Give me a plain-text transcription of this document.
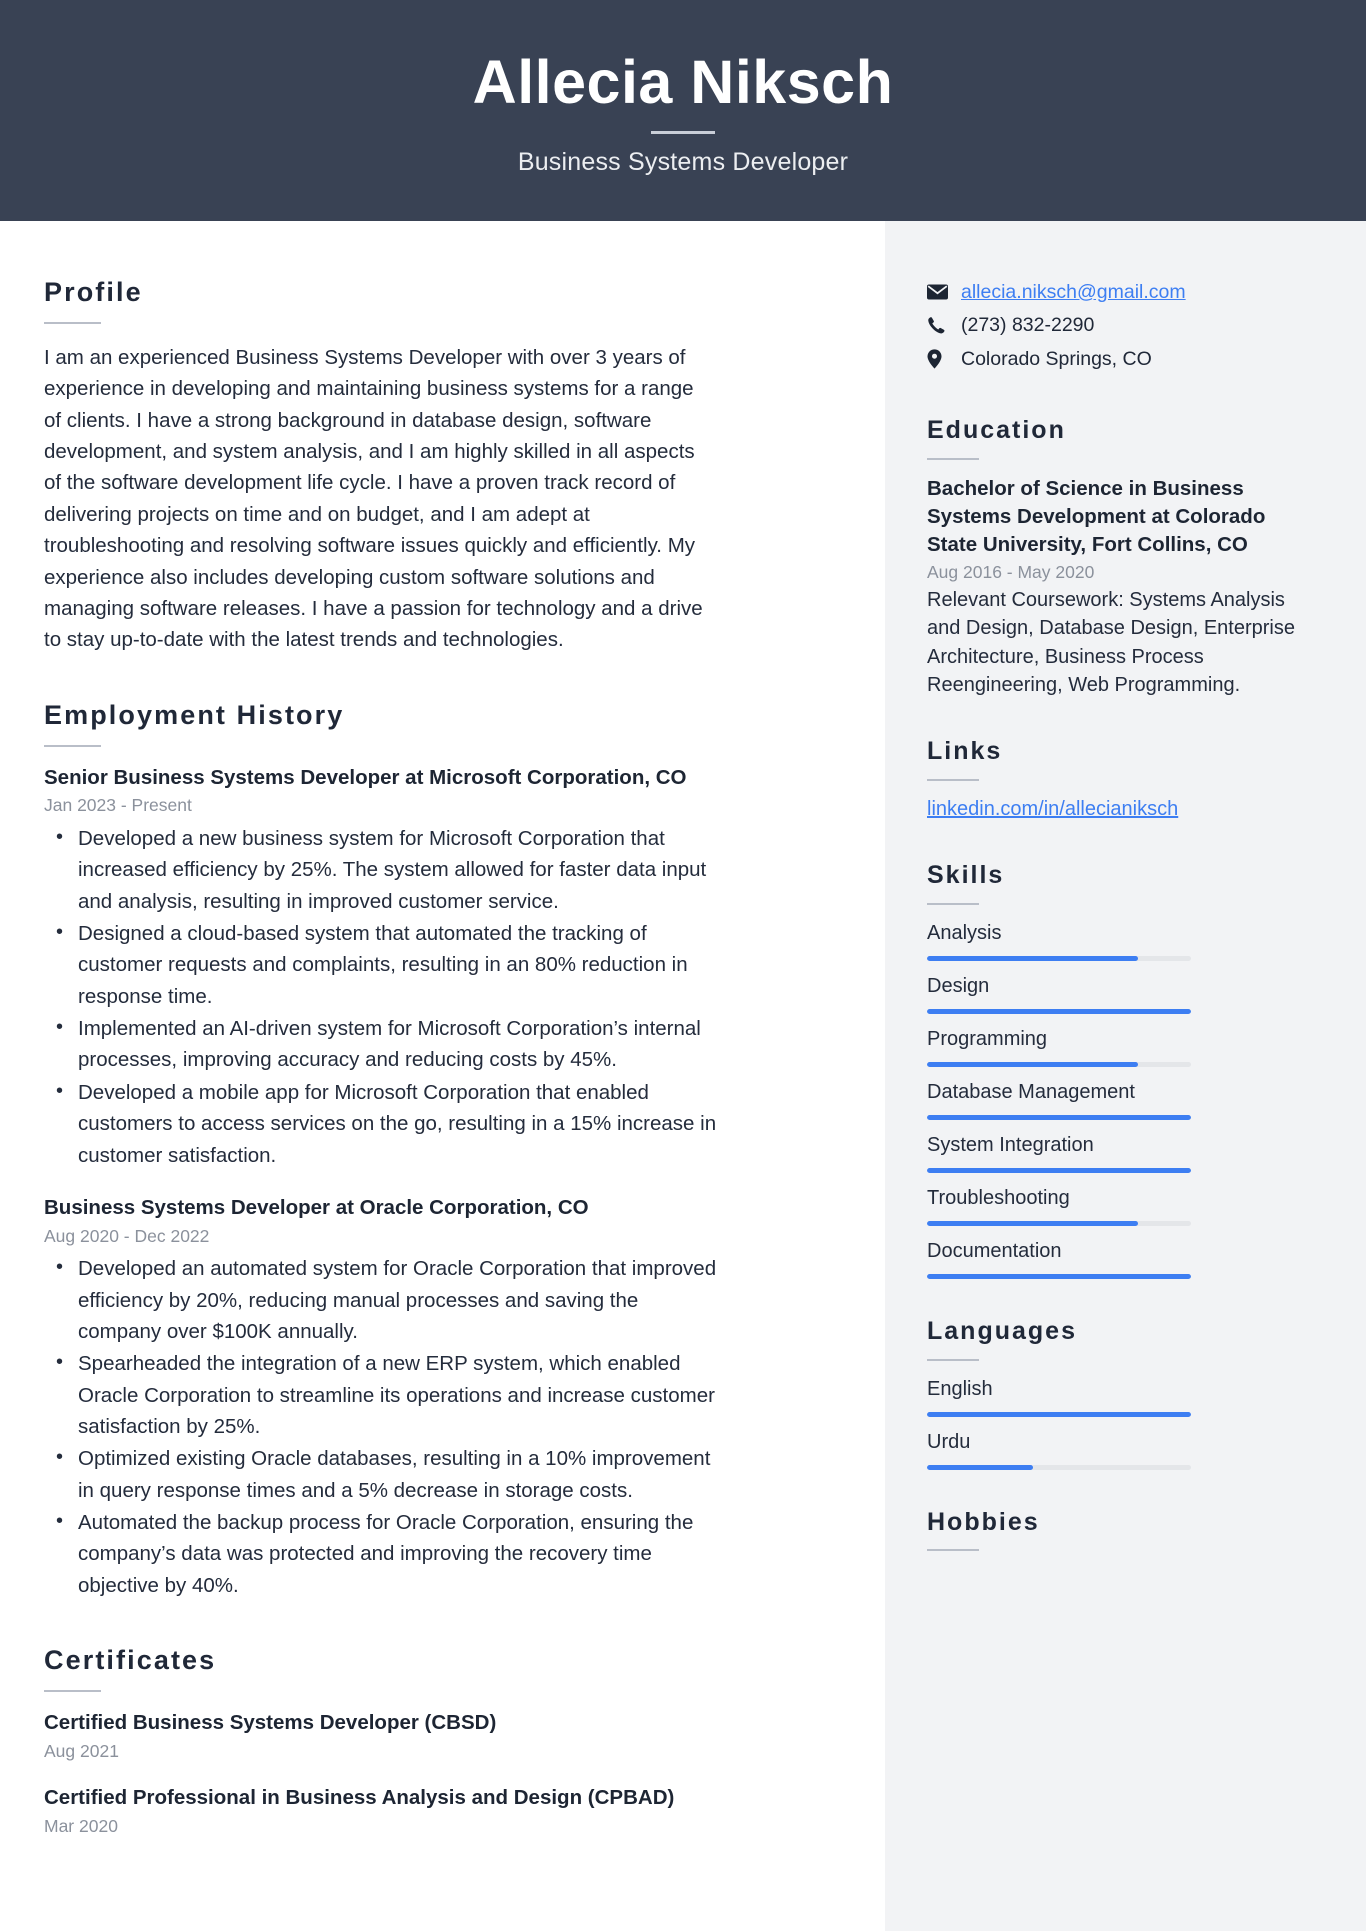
Allecia Niksch
Business Systems Developer
Profile
I am an experienced Business Systems Developer with over 3 years of experience in developing and maintaining business systems for a range of clients. I have a strong background in database design, software development, and system analysis, and I am highly skilled in all aspects of the software development life cycle. I have a proven track record of delivering projects on time and on budget, and I am adept at troubleshooting and resolving software issues quickly and efficiently. My experience also includes developing custom software solutions and managing software releases. I have a passion for technology and a drive to stay up-to-date with the latest trends and technologies.
Employment History
Senior Business Systems Developer at Microsoft Corporation, CO
Jan 2023 - Present
• Developed a new business system for Microsoft Corporation that increased efficiency by 25%. The system allowed for faster data input and analysis, resulting in improved customer service.
• Designed a cloud-based system that automated the tracking of customer requests and complaints, resulting in an 80% reduction in response time.
• Implemented an AI-driven system for Microsoft Corporation’s internal processes, improving accuracy and reducing costs by 45%.
• Developed a mobile app for Microsoft Corporation that enabled customers to access services on the go, resulting in a 15% increase in customer satisfaction.
Business Systems Developer at Oracle Corporation, CO
Aug 2020 - Dec 2022
• Developed an automated system for Oracle Corporation that improved efficiency by 20%, reducing manual processes and saving the company over $100K annually.
• Spearheaded the integration of a new ERP system, which enabled Oracle Corporation to streamline its operations and increase customer satisfaction by 25%.
• Optimized existing Oracle databases, resulting in a 10% improvement in query response times and a 5% decrease in storage costs.
• Automated the backup process for Oracle Corporation, ensuring the company’s data was protected and improving the recovery time objective by 40%.
Certificates
Certified Business Systems Developer (CBSD)
Aug 2021
Certified Professional in Business Analysis and Design (CPBAD)
Mar 2020
allecia.niksch@gmail.com
(273) 832-2290
Colorado Springs, CO
Education
Bachelor of Science in Business Systems Development at Colorado State University, Fort Collins, CO
Aug 2016 - May 2020
Relevant Coursework: Systems Analysis and Design, Database Design, Enterprise Architecture, Business Process Reengineering, Web Programming.
Links
linkedin.com/in/allecianiksch
Skills
Analysis
Design
Programming
Database Management
System Integration
Troubleshooting
Documentation
Languages
English
Urdu
Hobbies
